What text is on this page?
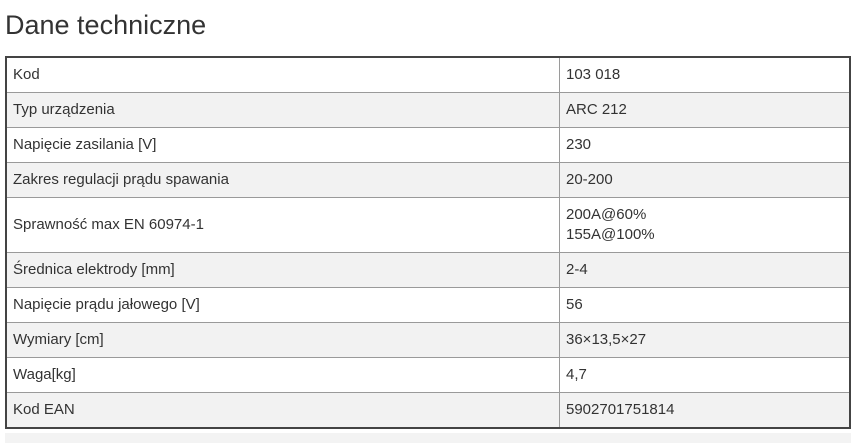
Dane techniczne
Kod	103 018

Typ urządzenia	ARC 212

Napięcie zasilania [V]	230

Zakres regulacji prądu spawania	20-200

Sprawność max EN 60974-1	200A@60%
155A@100%

Średnica elektrody [mm]	2-4

Napięcie prądu jałowego [V]	56

Wymiary [cm]	36×13,5×27

Waga[kg]	4,7

Kod EAN	5902701751814
